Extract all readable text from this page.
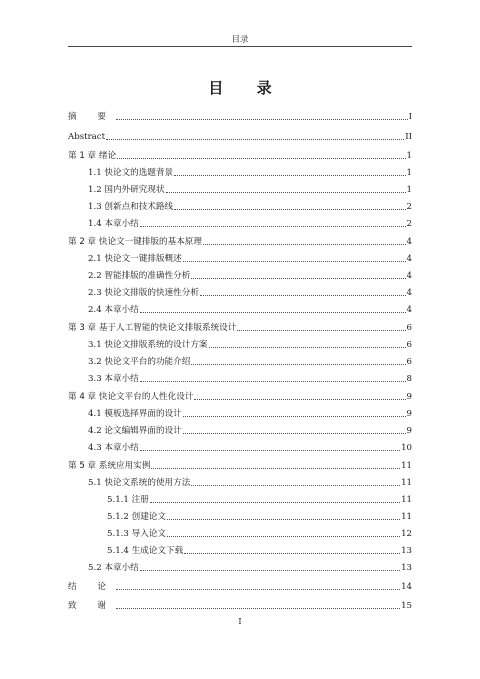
目录
目 录
摘 要	I
Abstract	II
第 1 章 绪论	1
1.1 快论文的选题背景	1
1.2 国内外研究现状	1
1.3 创新点和技术路线	2
1.4 本章小结	2
第 2 章 快论文一键排版的基本原理	4
2.1 快论文一键排版概述	4
2.2 智能排版的准确性分析	4
2.3 快论文排版的快速性分析	4
2.4 本章小结	4
第 3 章 基于人工智能的快论文排版系统设计	6
3.1 快论文排版系统的设计方案	6
3.2 快论文平台的功能介绍	6
3.3 本章小结	8
第 4 章 快论文平台的人性化设计	9
4.1 模板选择界面的设计	9
4.2 论文编辑界面的设计	9
4.3 本章小结	10
第 5 章 系统应用实例	11
5.1 快论文系统的使用方法	11
5.1.1 注册	11
5.1.2 创建论文	11
5.1.3 导入论文	12
5.1.4 生成论文下载	13
5.2 本章小结	13
结 论	14
致 谢	15
I
